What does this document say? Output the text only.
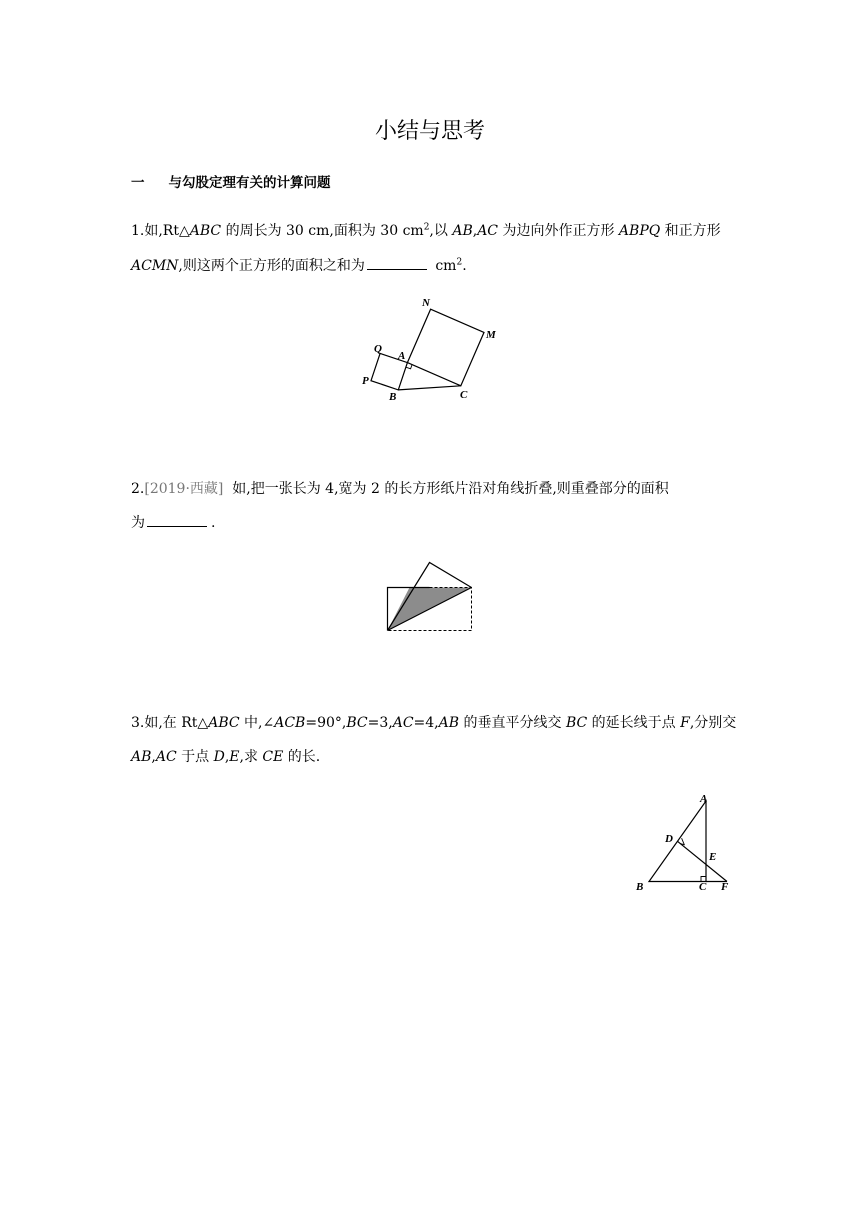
小结与思考
一 与勾股定理有关的计算问题
1.如,Rt△ABC 的周长为 30 cm,面积为 30 $cm^2$,以 AB,AC 为边向外作正方形 ABPQ 和正方形
ACMN,则这两个正方形的面积之和为	$cm^2$.
N
M
Q
A
P
B	C
2.[2019·西藏] 如,把一张长为 4,宽为 2 的长方形纸片沿对角线折叠,则重叠部分的面积
为	.
3.如,在 Rt△ABC 中,∠ACB=90°,BC=3,AC=4,AB 的垂直平分线交 BC 的延长线于点 F,分别交
AB,AC 于点 D,E,求 CE 的长.
A
D
E
B	C F
